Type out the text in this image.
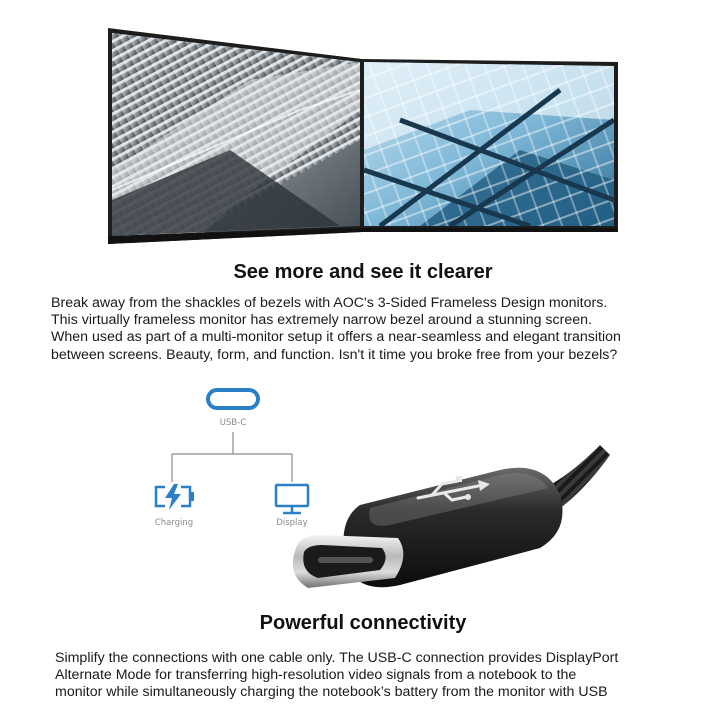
See more and see it clearer
Break away from the shackles of bezels with AOC's 3-Sided Frameless Design monitors.
This virtually frameless monitor has extremely narrow bezel around a stunning screen.
When used as part of a multi-monitor setup it offers a near-seamless and elegant transition
between screens. Beauty, form, and function. Isn't it time you broke free from your bezels?
USB-C
Charging	Display
Powerful connectivity
Simplify the connections with one cable only. The USB-C connection provides DisplayPort
Alternate Mode for transferring high-resolution video signals from a notebook to the
monitor while simultaneously charging the notebook’s battery from the monitor with USB
